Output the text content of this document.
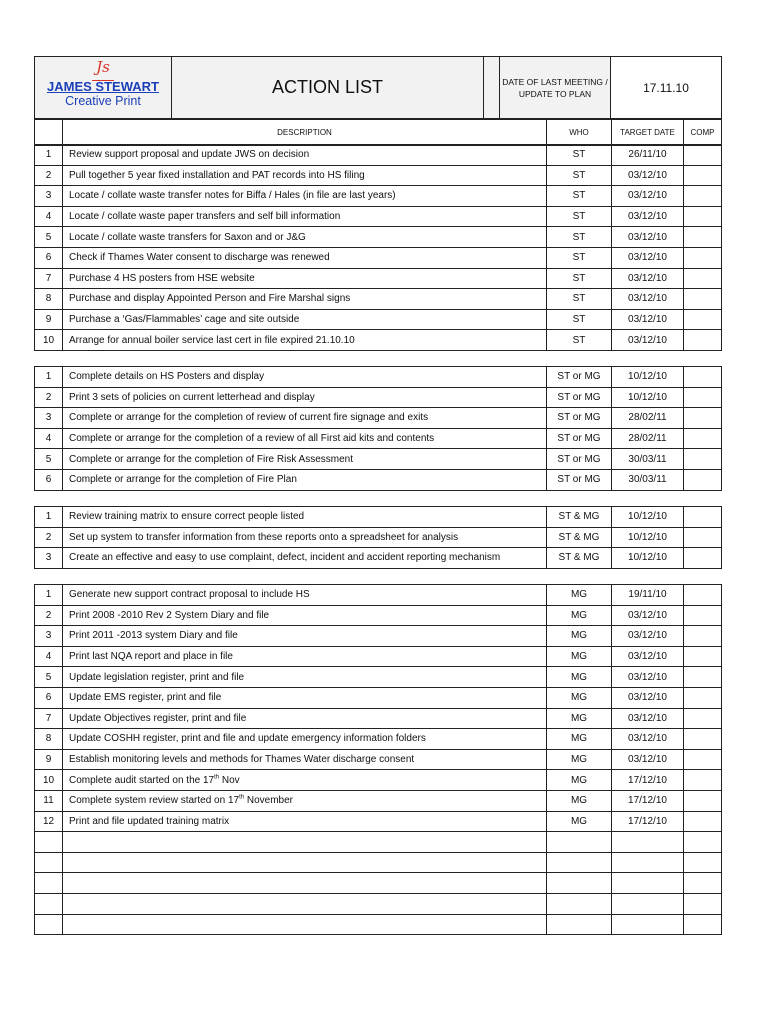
Js
JAMES STEWART
Creative Print
	ACTION LIST		DATE OF LAST MEETING / UPDATE TO PLAN	17.11.10
	DESCRIPTION	WHO	TARGET DATE	COMP
1	Review support proposal and update JWS on decision	ST	26/11/10	
2	Pull together 5 year fixed installation and PAT records into HS filing	ST	03/12/10	
3	Locate / collate waste transfer notes for Biffa / Hales (in file are last years)	ST	03/12/10	
4	Locate / collate waste paper transfers and self bill information	ST	03/12/10	
5	Locate / collate waste transfers for Saxon and or J&G	ST	03/12/10	
6	Check if Thames Water consent to discharge was renewed	ST	03/12/10	
7	Purchase 4 HS posters from HSE website	ST	03/12/10	
8	Purchase and display Appointed Person and Fire Marshal signs	ST	03/12/10	
9	Purchase a ‘Gas/Flammables’ cage and site outside	ST	03/12/10	
10	Arrange for annual boiler service last cert in file expired 21.10.10	ST	03/12/10	
1	Complete details on HS Posters and display	ST or MG	10/12/10	
2	Print 3 sets of policies on current letterhead and display	ST or MG	10/12/10	
3	Complete or arrange for the completion of review of current fire signage and exits	ST or MG	28/02/11	
4	Complete or arrange for the completion of a review of all First aid kits and contents	ST or MG	28/02/11	
5	Complete or arrange for the completion of Fire Risk Assessment	ST or MG	30/03/11	
6	Complete or arrange for the completion of Fire Plan	ST or MG	30/03/11	
1	Review training matrix to ensure correct people listed	ST & MG	10/12/10	
2	Set up system to transfer information from these reports onto a spreadsheet for analysis	ST & MG	10/12/10	
3	Create an effective and easy to use complaint, defect, incident and accident reporting mechanism	ST & MG	10/12/10	
1	Generate new support contract proposal to include HS	MG	19/11/10	
2	Print 2008 -2010 Rev 2 System Diary and file	MG	03/12/10	
3	Print 2011 -2013 system Diary and file	MG	03/12/10	
4	Print last NQA report and place in file	MG	03/12/10	
5	Update legislation register, print and file	MG	03/12/10	
6	Update EMS register, print and file	MG	03/12/10	
7	Update Objectives register, print and file	MG	03/12/10	
8	Update COSHH register, print and file and update emergency information folders	MG	03/12/10	
9	Establish monitoring levels and methods for Thames Water discharge consent	MG	03/12/10	
10	Complete audit started on the 17th Nov	MG	17/12/10	
11	Complete system review started on 17th November	MG	17/12/10	
12	Print and file updated training matrix	MG	17/12/10	
